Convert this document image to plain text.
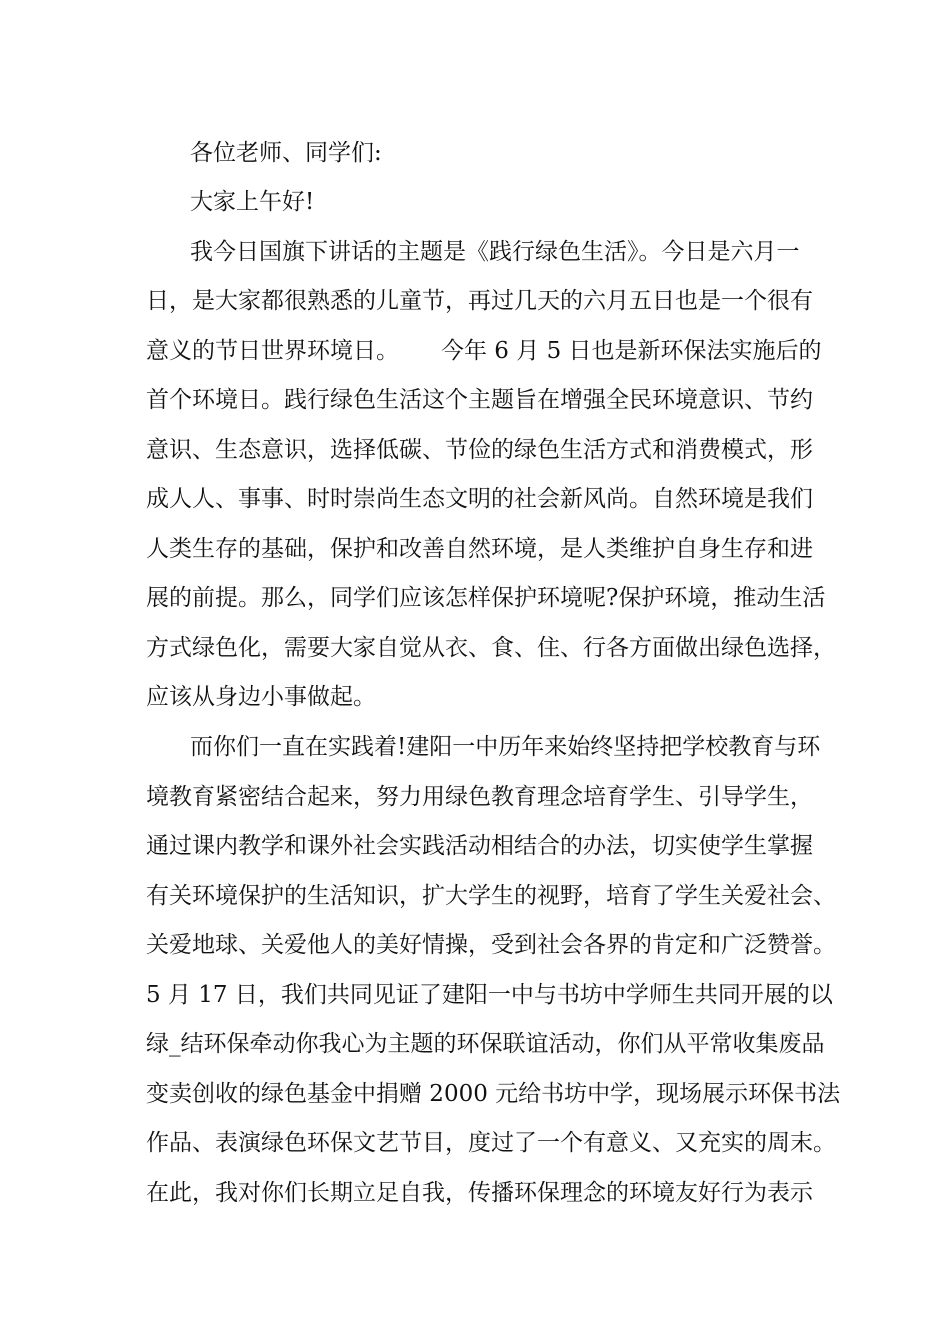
各位老师、同学们:
大家上午好!
我今日国旗下讲话的主题是《践行绿色生活》。今日是六月一
日，是大家都很熟悉的儿童节，再过几天的六月五日也是一个很有
意义的节日世界环境日。 今年 6 月 5 日也是新环保法实施后的
首个环境日。践行绿色生活这个主题旨在增强全民环境意识、节约
意识、生态意识，选择低碳、节俭的绿色生活方式和消费模式，形
成人人、事事、时时崇尚生态文明的社会新风尚。自然环境是我们
人类生存的基础，保护和改善自然环境，是人类维护自身生存和进
展的前提。那么，同学们应该怎样保护环境呢?保护环境，推动生活
方式绿色化，需要大家自觉从衣、食、住、行各方面做出绿色选择，
应该从身边小事做起。
而你们一直在实践着!建阳一中历年来始终坚持把学校教育与环
境教育紧密结合起来，努力用绿色教育理念培育学生、引导学生，
通过课内教学和课外社会实践活动相结合的办法，切实使学生掌握
有关环境保护的生活知识，扩大学生的视野，培育了学生关爱社会、
关爱地球、关爱他人的美好情操，受到社会各界的肯定和广泛赞誉。
5 月 17 日，我们共同见证了建阳一中与书坊中学师生共同开展的以
绿_结环保牵动你我心为主题的环保联谊活动，你们从平常收集废品
变卖创收的绿色基金中捐赠 2000 元给书坊中学，现场展示环保书法
作品、表演绿色环保文艺节目，度过了一个有意义、又充实的周末。
在此，我对你们长期立足自我，传播环保理念的环境友好行为表示
